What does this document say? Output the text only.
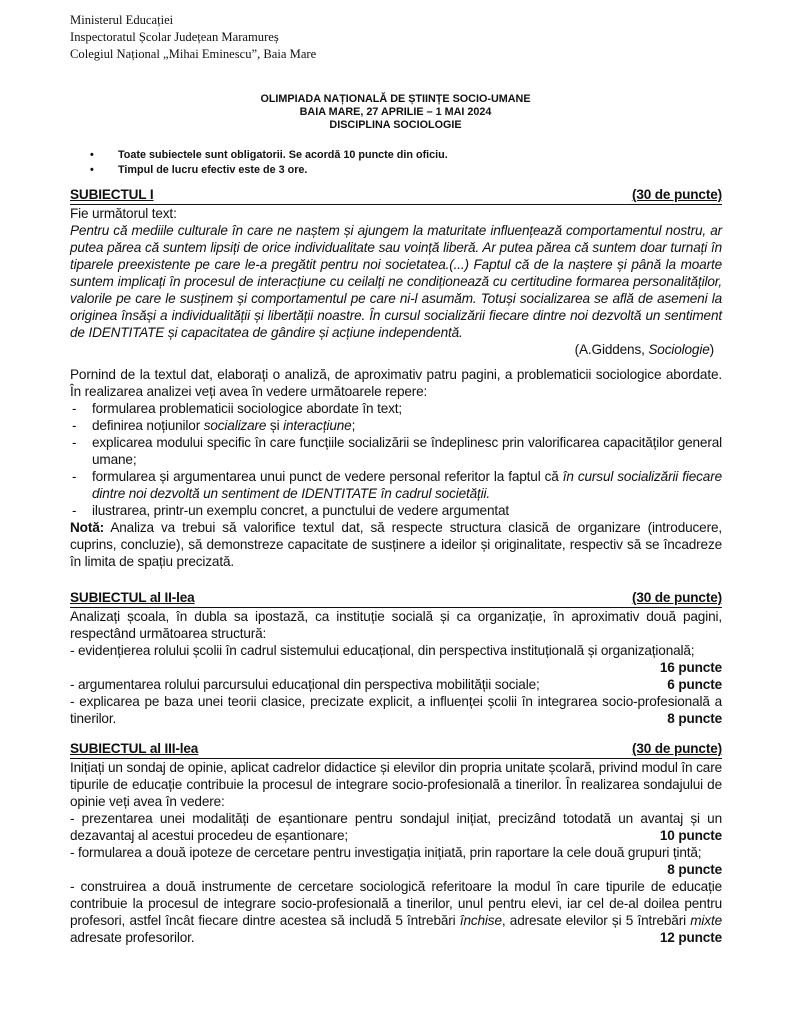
Ministerul Educației
Inspectoratul Școlar Județean Maramureș
Colegiul Național „Mihai Eminescu”, Baia Mare
OLIMPIADA NAȚIONALĂ DE ȘTIINȚE SOCIO-UMANE
BAIA MARE, 27 APRILIE – 1 MAI 2024
DISCIPLINA SOCIOLOGIE
• Toate subiectele sunt obligatorii. Se acordă 10 puncte din oficiu.
• Timpul de lucru efectiv este de 3 ore.
SUBIECTUL I	(30 de puncte)

Fie următorul text:

Pentru că mediile culturale în care ne naștem și ajungem la maturitate influențează comportamentul nostru, ar putea părea că suntem lipsiți de orice individualitate sau voință liberă. Ar putea părea că suntem doar turnați în tiparele preexistente pe care le-a pregătit pentru noi societatea.(...) Faptul că de la naștere și până la moarte suntem implicați în procesul de interacțiune cu ceilalți ne condiționează cu certitudine formarea personalităților, valorile pe care le susținem și comportamentul pe care ni-l asumăm. Totuși socializarea se află de asemeni la originea însăși a individualității și libertății noastre. În cursul socializării fiecare dintre noi dezvoltă un sentiment de IDENTITATE și capacitatea de gândire și acțiune independentă.

(A.Giddens, Sociologie)

Pornind de la textul dat, elaborați o analiză, de aproximativ patru pagini, a problematicii sociologice abordate. În realizarea analizei veți avea în vedere următoarele repere:

- formularea problematicii sociologice abordate în text;
- definirea noțiunilor socializare și interacțiune;
- explicarea modului specific în care funcțiile socializării se îndeplinesc prin valorificarea capacităților general umane;
- formularea și argumentarea unui punct de vedere personal referitor la faptul că în cursul socializării fiecare dintre noi dezvoltă un sentiment de IDENTITATE în cadrul societății.
- ilustrarea, printr-un exemplu concret, a punctului de vedere argumentat

Notă: Analiza va trebui să valorifice textul dat, să respecte structura clasică de organizare (introducere, cuprins, concluzie), să demonstreze capacitate de susținere a ideilor și originalitate, respectiv să se încadreze în limita de spațiu precizată.

SUBIECTUL al II-lea	(30 de puncte)

Analizați școala, în dubla sa ipostază, ca instituție socială și ca organizație, în aproximativ două pagini, respectând următoarea structură:

- evidențierea rolului școlii în cadrul sistemului educațional, din perspectiva instituțională și organizațională;
16 puncte

- argumentarea rolului parcursului educațional din perspectiva mobilității sociale;	6 puncte

- explicarea pe baza unei teorii clasice, precizate explicit, a influenței școlii în integrarea socio-profesională a tinerilor.	8 puncte

SUBIECTUL al III-lea	(30 de puncte)

Inițiați un sondaj de opinie, aplicat cadrelor didactice și elevilor din propria unitate școlară, privind modul în care tipurile de educație contribuie la procesul de integrare socio-profesională a tinerilor. În realizarea sondajului de opinie veți avea în vedere:

- prezentarea unei modalități de eșantionare pentru sondajul inițiat, precizând totodată un avantaj și un dezavantaj al acestui procedeu de eșantionare;	10 puncte

- formularea a două ipoteze de cercetare pentru investigația inițiată, prin raportare la cele două grupuri țintă;
8 puncte

- construirea a două instrumente de cercetare sociologică referitoare la modul în care tipurile de educație contribuie la procesul de integrare socio-profesională a tinerilor, unul pentru elevi, iar cel de-al doilea pentru profesori, astfel încât fiecare dintre acestea să includă 5 întrebări închise, adresate elevilor și 5 întrebări mixte adresate profesorilor.	12 puncte
